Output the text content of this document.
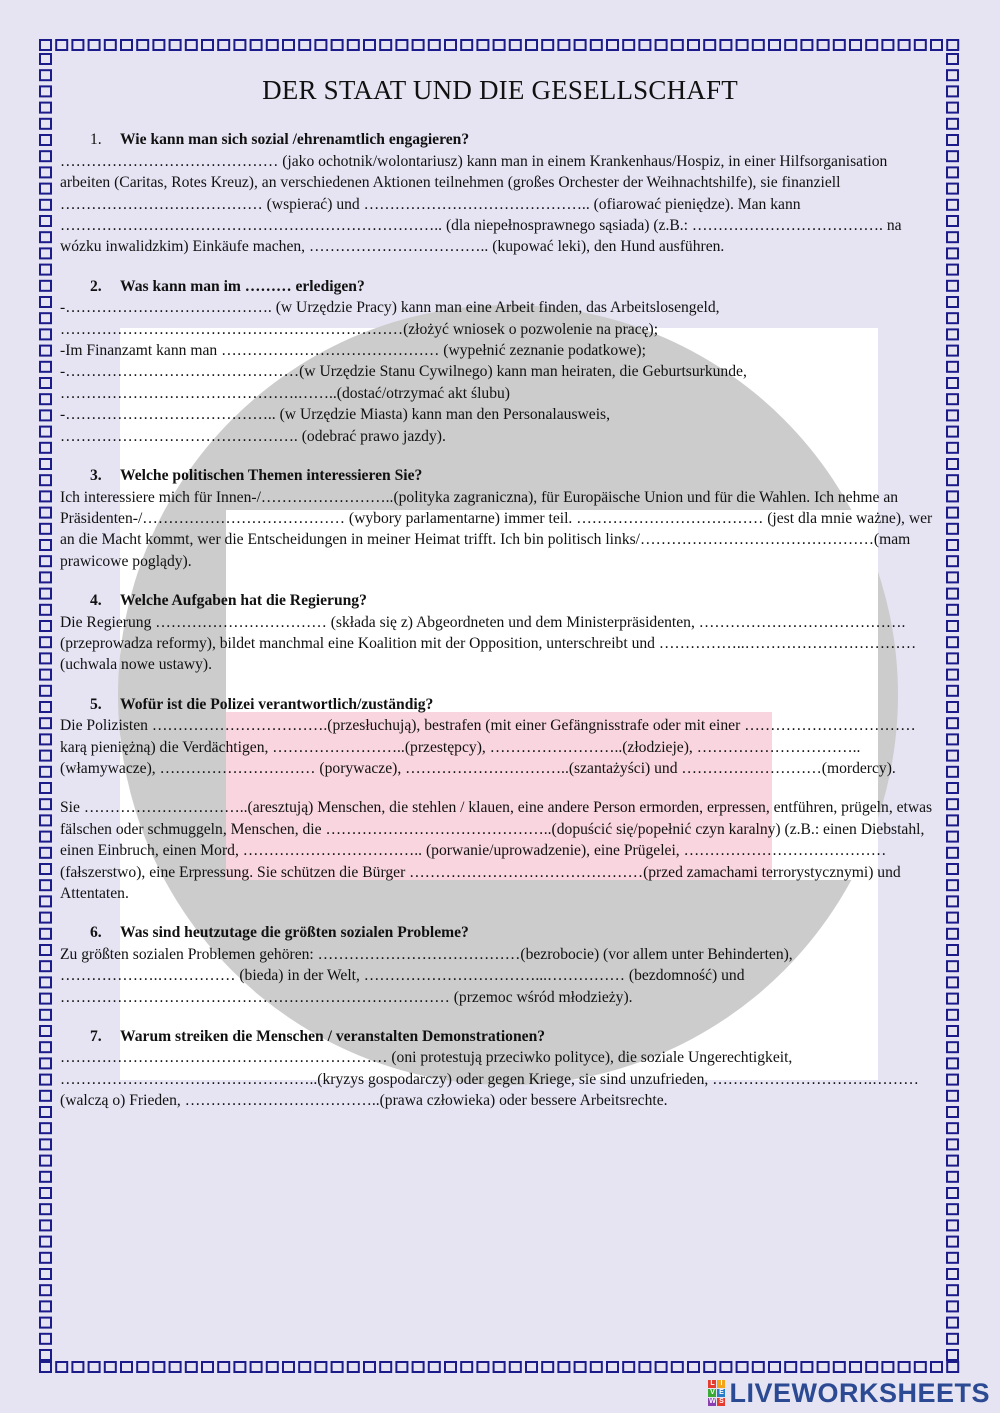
DER STAAT UND DIE GESELLSCHAFT

1. Wie kann man sich sozial /ehrenamtlich engagieren?

…………………………………… (jako ochotnik/wolontariusz) kann man in einem Krankenhaus/Hospiz, in einer Hilfsorganisation arbeiten (Caritas, Rotes Kreuz), an verschiedenen Aktionen teilnehmen (großes Orchester der Weihnachtshilfe), sie finanziell ………………………………… (wspierać) und …………………………………….. (ofiarować pieniędze). Man kann ……………………………………………………………….. (dla niepełnosprawnego sąsiada) (z.B.: ………………………………. na wózku inwalidzkim) Einkäufe machen, …………………………….. (kupować leki), den Hund ausführen.

2. Was kann man im ……… erledigen?

-…………………………………. (w Urzędzie Pracy) kann man eine Arbeit finden, das Arbeitslosengeld,

…………………………………………………………(złożyć wniosek o pozwolenie na pracę);

-Im Finanzamt kann man …………………………………… (wypełnić zeznanie podatkowe);

-………………………………………(w Urzędzie Stanu Cywilnego) kann man heiraten, die Geburtsurkunde,

……………………………………….……..(dostać/otrzymać akt ślubu)

-………………………………….. (w Urzędzie Miasta) kann man den Personalausweis,

………………………………………. (odebrać prawo jazdy).

3. Welche politischen Themen interessieren Sie?

Ich interessiere mich für Innen-/……………………..(polityka zagraniczna), für Europäische Union und für die Wahlen. Ich nehme an Präsidenten-/………………………………… (wybory parlamentarne) immer teil. ……………………………… (jest dla mnie ważne), wer an die Macht kommt, wer die Entscheidungen in meiner Heimat trifft. Ich bin politisch links/………………………………………(mam prawicowe poglądy).

4. Welche Aufgaben hat die Regierung?

Die Regierung …………………………… (składa się z) Abgeordneten und dem Ministerpräsidenten, ………………………………….(przeprowadza reformy), bildet manchmal eine Koalition mit der Opposition, unterschreibt und ……………..……………………………(uchwala nowe ustawy).

5. Wofür ist die Polizei verantwortlich/zuständig?

Die Polizisten …………………………….(przesłuchują), bestrafen (mit einer Gefängnisstrafe oder mit einer ……………………………karą pieniężną) die Verdächtigen, ……………………..(przestępcy), ……………………..(złodzieje), …………………………..(włamywacze), ………………………… (porywacze), …………………………..(szantażyści) und ………………………(mordercy).

Sie …………………………..(aresztują) Menschen, die stehlen / klauen, eine andere Person ermorden, erpressen, entführen, prügeln, etwas fälschen oder schmuggeln, Menschen, die ……………………………………..(dopuścić się/popełnić czyn karalny) (z.B.: einen Diebstahl, einen Einbruch, einen Mord, …………………………….. (porwanie/uprowadzenie), eine Prügelei, …………………………………(fałszerstwo), eine Erpressung. Sie schützen die Bürger ………………………………………(przed zamachami terrorystycznymi) und Attentaten.

6. Was sind heutzutage die größten sozialen Probleme?

Zu größten sozialen Problemen gehören: …………………………………(bezrobocie) (vor allem unter Behinderten), ……………….…………… (bieda) in der Welt, ……………………………...…………… (bezdomność) und ………………………………………………………………… (przemoc wśród młodzieży).

7. Warum streiken die Menschen / veranstalten Demonstrationen?

……………………………………………………… (oni protestują przeciwko polityce), die soziale Ungerechtigkeit, …………………………………………..(kryzys gospodarczy) oder gegen Kriege, sie sind unzufrieden, ………………………….……… (walczą o) Frieden, ………………………………..(prawa człowieka) oder bessere Arbeitsrechte.

L I
V E
W S LIVEWORKSHEETS
